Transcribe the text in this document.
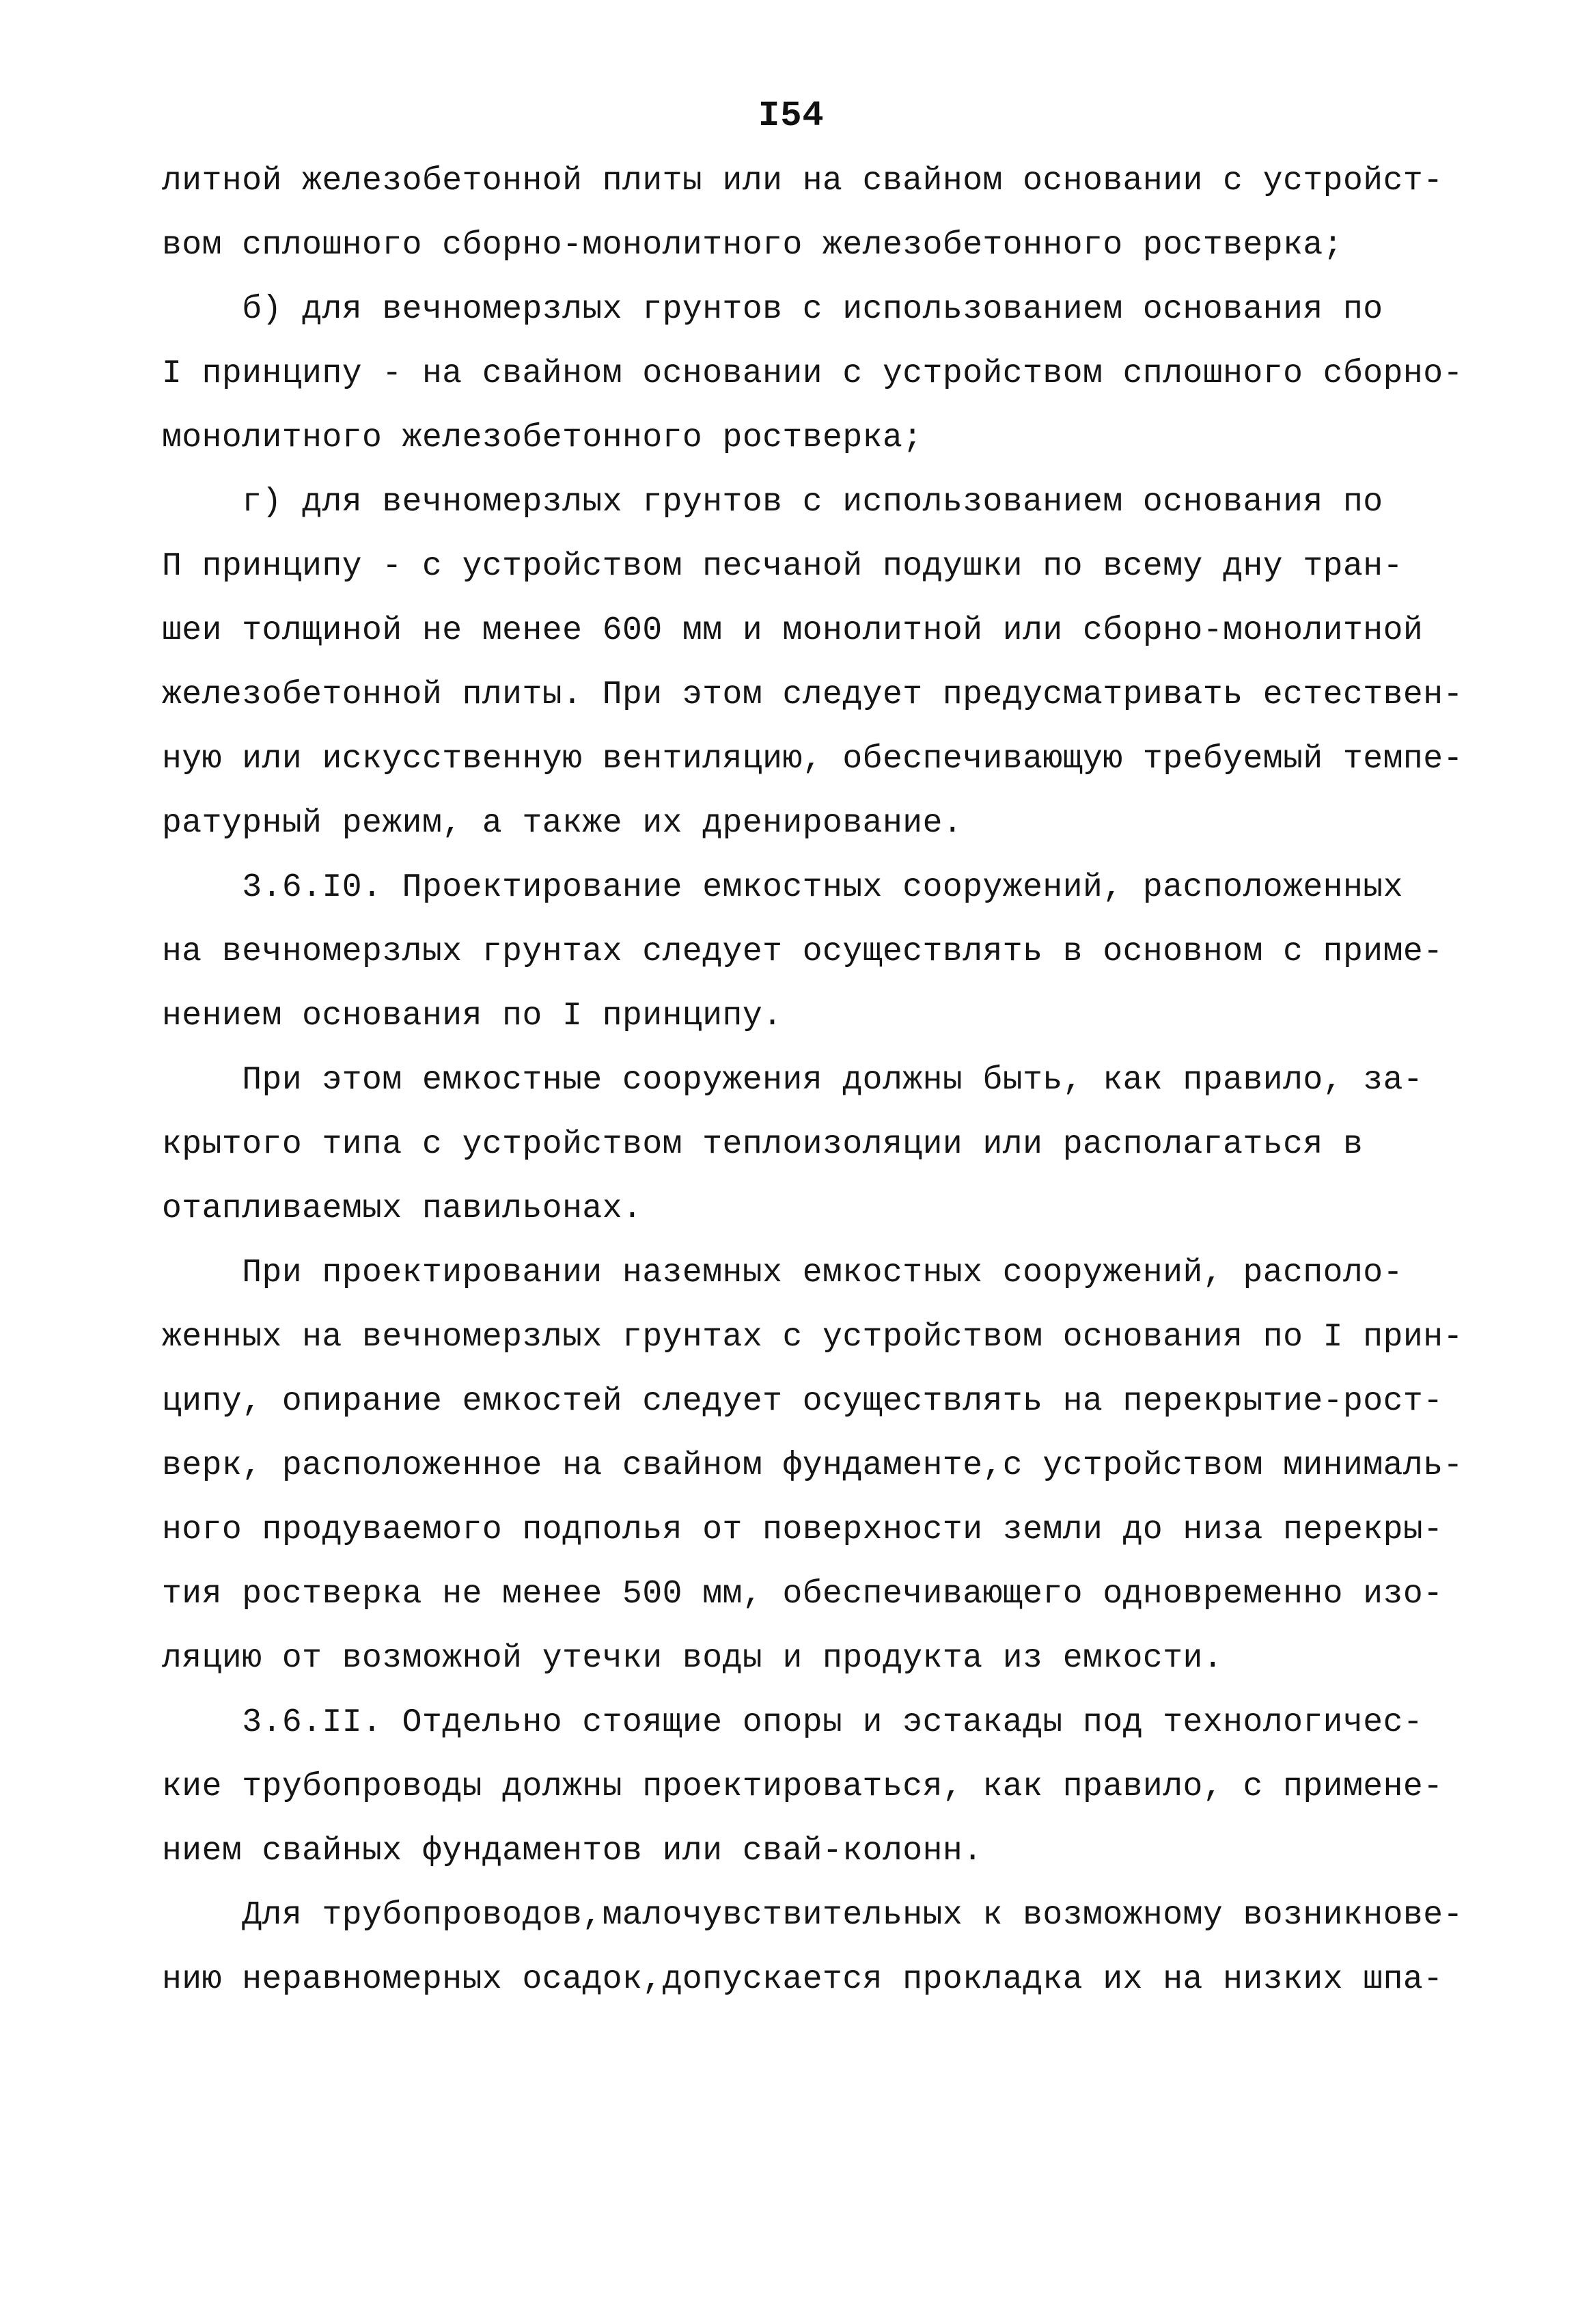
I54
литной железобетонной плиты или на свайном основании с устройст-
вом сплошного сборно-монолитного железобетонного ростверка;
б) для вечномерзлых грунтов с использованием основания по
I принципу - на свайном основании с устройством сплошного сборно-
монолитного железобетонного ростверка;
г) для вечномерзлых грунтов с использованием основания по
П принципу - с устройством песчаной подушки по всему дну тран-
шеи толщиной не менее 600 мм и монолитной или сборно-монолитной
железобетонной плиты. При этом следует предусматривать естествен-
ную или искусственную вентиляцию, обеспечивающую требуемый темпе-
ратурный режим, а также их дренирование.
3.6.I0. Проектирование емкостных сооружений, расположенных
на вечномерзлых грунтах следует осуществлять в основном с приме-
нением основания по I принципу.
При этом емкостные сооружения должны быть, как правило, за-
крытого типа с устройством теплоизоляции или располагаться в
отапливаемых павильонах.
При проектировании наземных емкостных сооружений, располо-
женных на вечномерзлых грунтах с устройством основания по I прин-
ципу, опирание емкостей следует осуществлять на перекрытие-рост-
верк, расположенное на свайном фундаменте,с устройством минималь-
ного продуваемого подполья от поверхности земли до низа перекры-
тия ростверка не менее 500 мм, обеспечивающего одновременно изо-
ляцию от возможной утечки воды и продукта из емкости.
3.6.II. Отдельно стоящие опоры и эстакады под технологичес-
кие трубопроводы должны проектироваться, как правило, с примене-
нием свайных фундаментов или свай-колонн.
Для трубопроводов,малочувствительных к возможному возникнове-
нию неравномерных осадок,допускается прокладка их на низких шпа-
